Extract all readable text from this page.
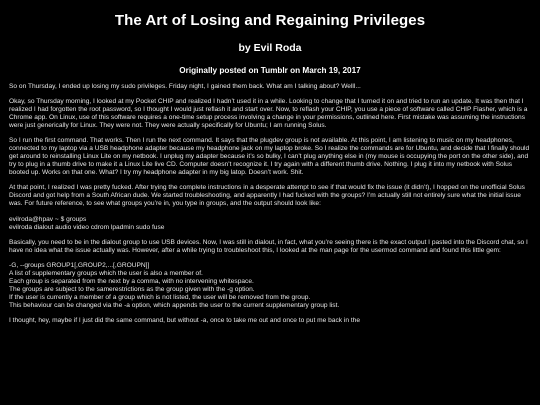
The Art of Losing and Regaining Privileges
by Evil Roda
Originally posted on Tumblr on March 19, 2017

So on Thursday, I ended up losing my sudo privileges. Friday night, I gained them back. What am I talking about? Welll...

Okay, so Thursday morning, I looked at my Pocket CHIP and realized I hadn’t used it in a while. Looking to change that I turned it on and tried to run an update. It was then that I realized I had forgotten the root password, so I thought I would just reflash it and start over. Now, to reflash your CHIP, you use a piece of software called CHIP Flasher, which is a Chrome app. On Linux, use of this software requires a one-time setup process involving a change in your permissions, outlined here. First mistake was assuming the instructions were just generically for Linux. They were not. They were actually specifically for Ubuntu; I am running Solus.

So I run the first command. That works. Then I run the next command. It says that the plugdev group is not available. At this point, I am listening to music on my headphones, connected to my laptop via a USB headphone adapter because my headphone jack on my laptop broke. So I realize the commands are for Ubuntu, and decide that I finally should get around to reinstalling Linux Lite on my netbook. I unplug my adapter because it’s so bulky, I can’t plug anything else in (my mouse is occupying the port on the other side), and try to plug in a thumb drive to make it a Linux Lite live CD. Computer doesn’t recognize it. I try again with a different thumb drive. Nothing. I plug it into my netbook with Solus booted up. Works on that one. What? I try my headphone adapter in my big latop. Doesn’t work. Shit.

At that point, I realized I was pretty fucked. After trying the complete instructions in a desperate attempt to see if that would fix the issue (it didn’t), I hopped on the unofficial Solus Discord and got help from a South African dude. We started troubleshooting, and apparently I had fucked with the groups? I’m actually still not entirely sure what the initial issue was. For future reference, to see what groups you’re in, you type in groups, and the output should look like:

evilroda@hpav ~ $ groups
evilroda dialout audio video cdrom lpadmin sudo fuse

Basically, you need to be in the dialout group to use USB devices. Now, I was still in dialout, in fact, what you’re seeing there is the exact output I pasted into the Discord chat, so I have no idea what the issue actually was. However, after a while trying to troubleshoot this, I looked at the man page for the usermod command and found this little gem:

-G, --groups GROUP1[,GROUP2,...[,GROUPN]]
A list of supplementary groups which the user is also a member of.
Each group is separated from the next by a comma, with no intervening whitespace.
The groups are subject to the samerestrictions as the group given with the -g option.
If the user is currently a member of a group which is not listed, the user will be removed from the group.
This behaviour can be changed via the -a option, which appends the user to the current supplementary group list.

I thought, hey, maybe if I just did the same command, but without -a, once to take me out and once to put me back in the
